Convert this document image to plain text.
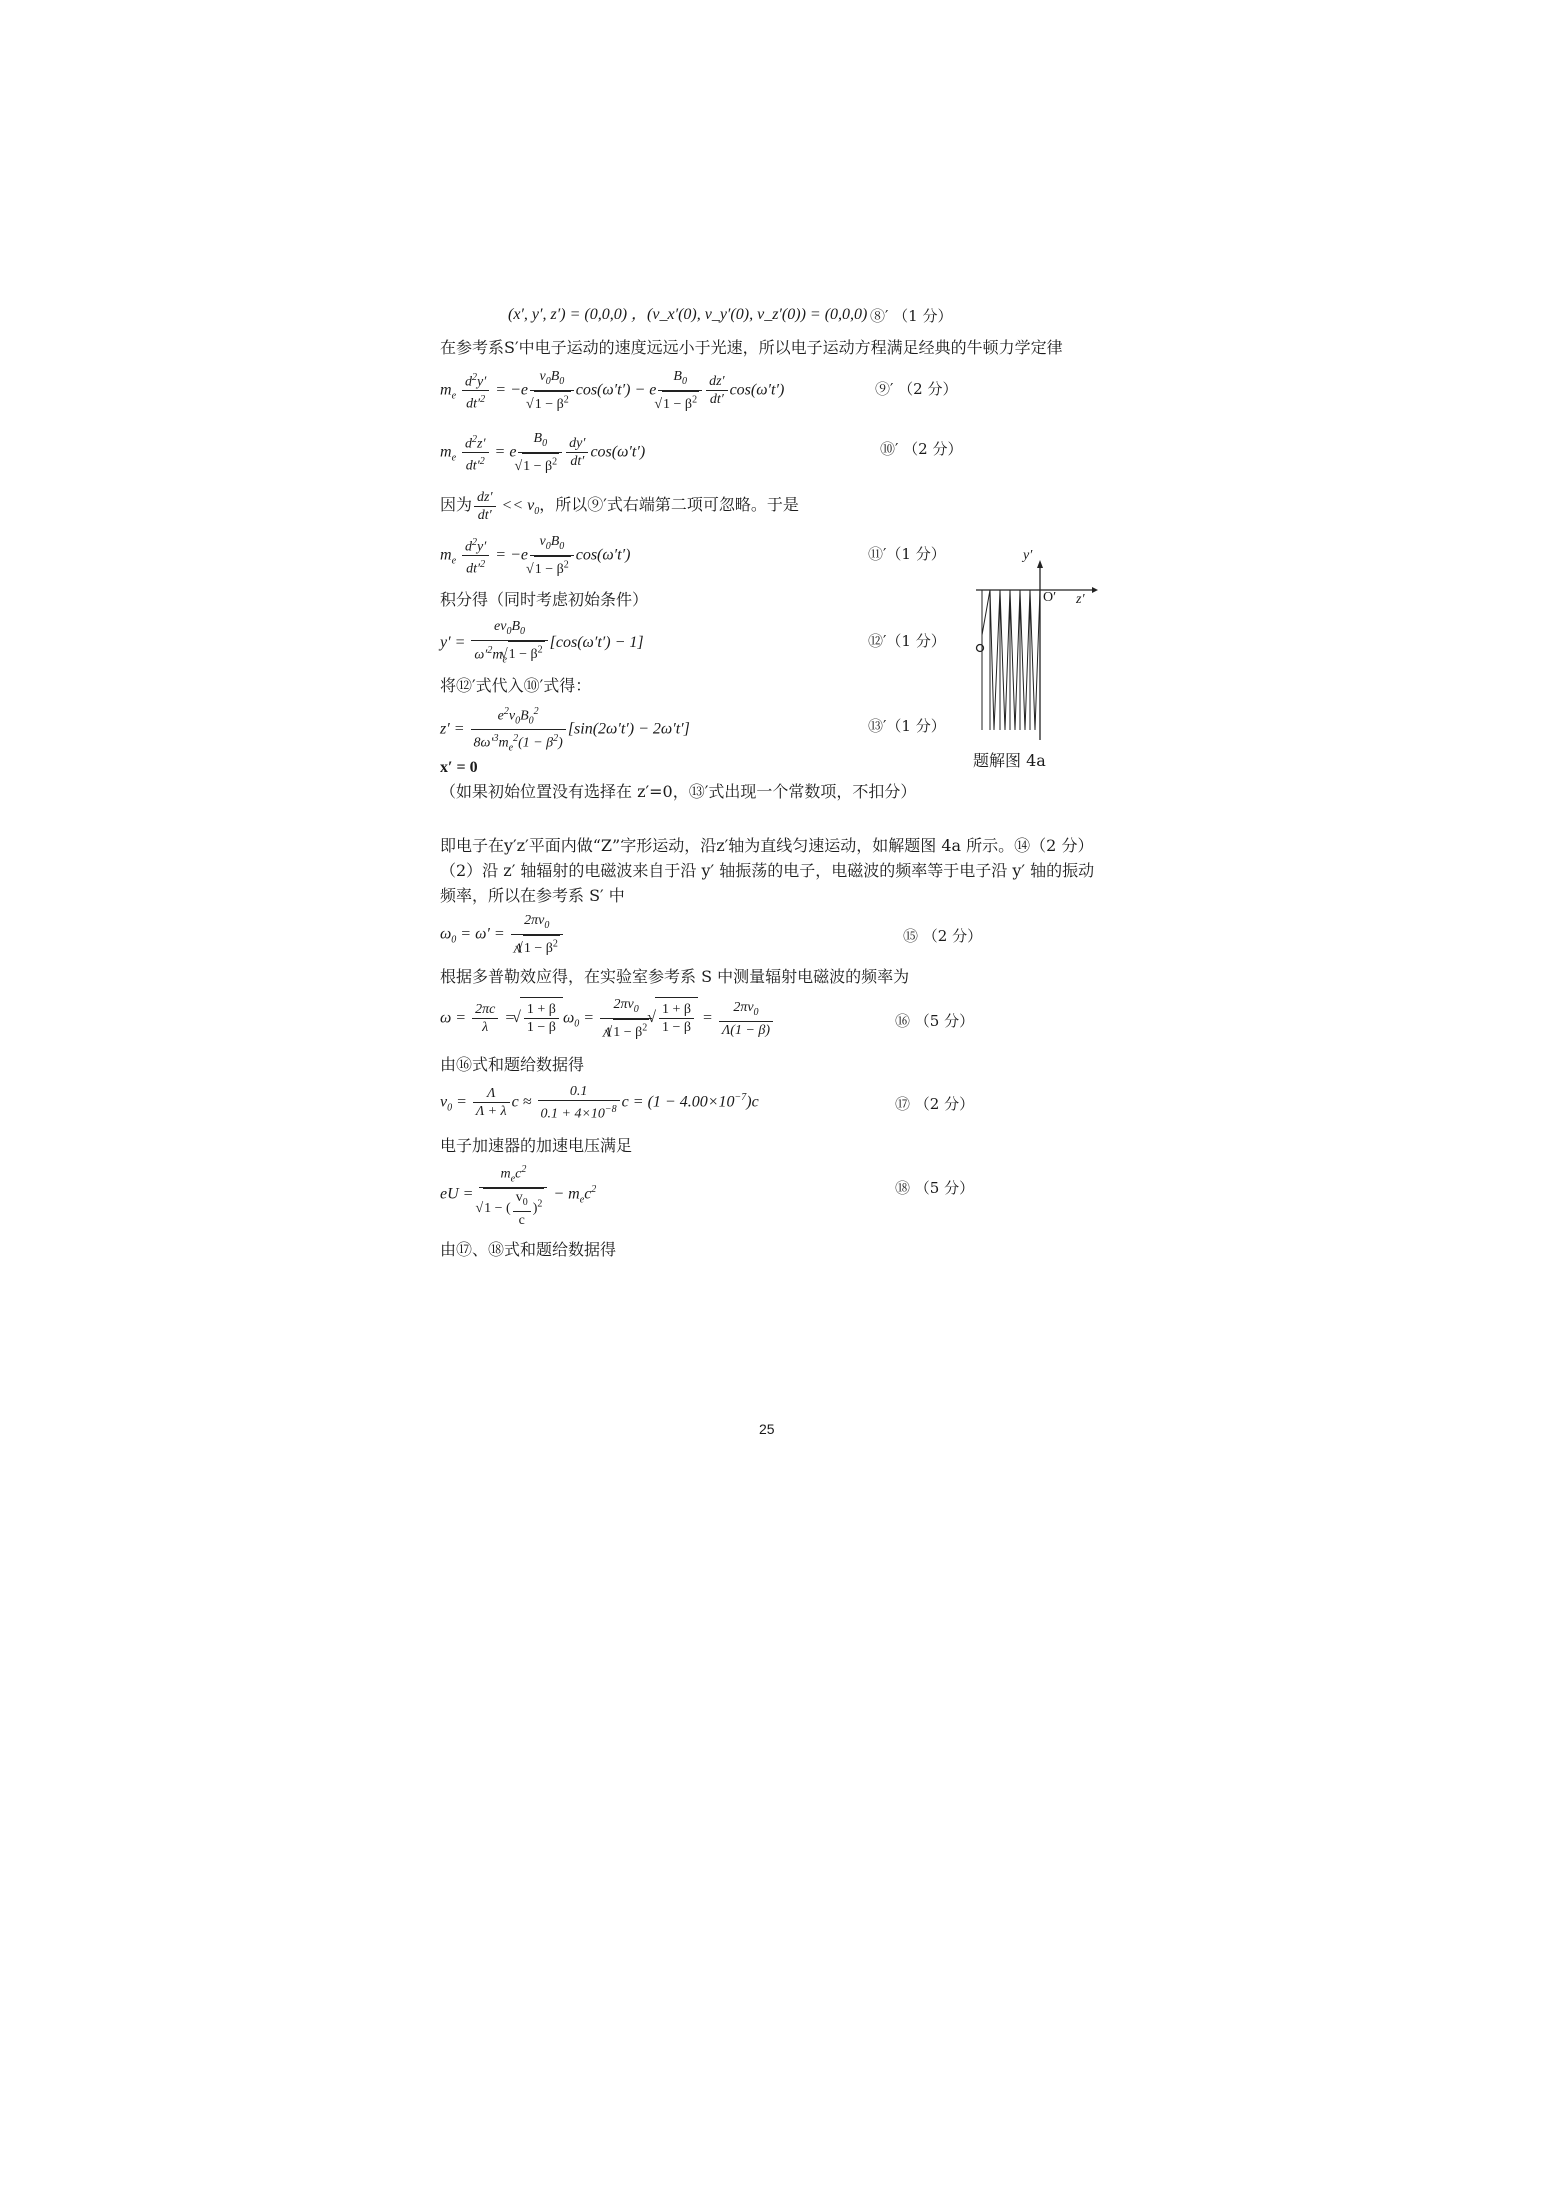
(x′, y′, z′) = (0,0,0) ，(v_x′(0), v_y′(0), v_z′(0)) = (0,0,0) ⑧′ （1 分）
在参考系S′中电子运动的速度远远小于光速，所以电子运动方程满足经典的牛顿力学定律
$m_e \frac{d^2y'}{dt'^2} = -e$ $v_0B_0$
√ $1 - \beta^2$ cos(ω′t′) − e $B_0$
√ $1 - \beta^2 \frac{dz'}{dt'} \cos(\omega't')$	⑨′ （2 分）
$m_e \frac{d^2z'}{dt'^2} = e$ $B_0$
√ $1 - \beta^2 \frac{dy'}{dt'} \cos(\omega't')$	⑩′ （2 分）
因为 $\frac{dz'}{dt'} << v_0$，所以⑨′式右端第二项可忽略。于是
$m_e \frac{d^2y'}{dt'^2} = -e$ $v_0B_0$
√ $1 - \beta^2$ cos(ω′t′)	⑪′（1 分）
积分得（同时考虑初始条件）
$y' = \frac{ev_0B_0}{\omega'^2m_e √ 1 - \beta^2} [\cos(\omega't') - 1]$	⑫′（1 分）
将⑫′式代入⑩′式得：
$z' = \frac{e^2v_0B_0^2}{8\omega'^3m_e^2(1 - \beta^2)} [\sin(2\omega't') - 2\omega't']$	⑬′（1 分）
x′ = 0
（如果初始位置没有选择在 z′=0，⑬′式出现一个常数项，不扣分）
y′
z′
O′
题解图 4a
即电子在y′z′平面内做“Z”字形运动，沿z′轴为直线匀速运动，如解题图 4a 所示。⑭（2 分）
（2）沿 z′ 轴辐射的电磁波来自于沿 y′ 轴振荡的电子，电磁波的频率等于电子沿 y′ 轴的振动
频率，所以在参考系 S′ 中
$\omega_0 = \omega' = \frac{2\pi v_0}{\Lambda √ 1 - \beta^2}$	⑮ （2 分）
根据多普勒效应得，在实验室参考系 S 中测量辐射电磁波的频率为
$\omega = \frac{2\pi c}{\lambda}$ = √ $\frac{1 + \beta}{1 - \beta} \omega_0 = \frac{2\pi v_0}{\Lambda √ 1 - \beta^2}$ √ $\frac{1 + \beta}{1 - \beta} = \frac{2\pi v_0}{\Lambda(1 - \beta)}$	⑯ （5 分）
由⑯式和题给数据得
$v_0 = \frac{\Lambda}{\Lambda + \lambda}$ $c \approx \frac{0.1}{0.1 + 4\times 10^{-8}}$ $c = (1 - 4.00\times 10^{-7})c$	⑰ （2 分）
电子加速器的加速电压满足
eU = $m_ec^2$
√ 1 − ( $\frac{v_0}{c} )^2 - m_ec^2$	⑱ （5 分）
由⑰、⑱式和题给数据得
25
